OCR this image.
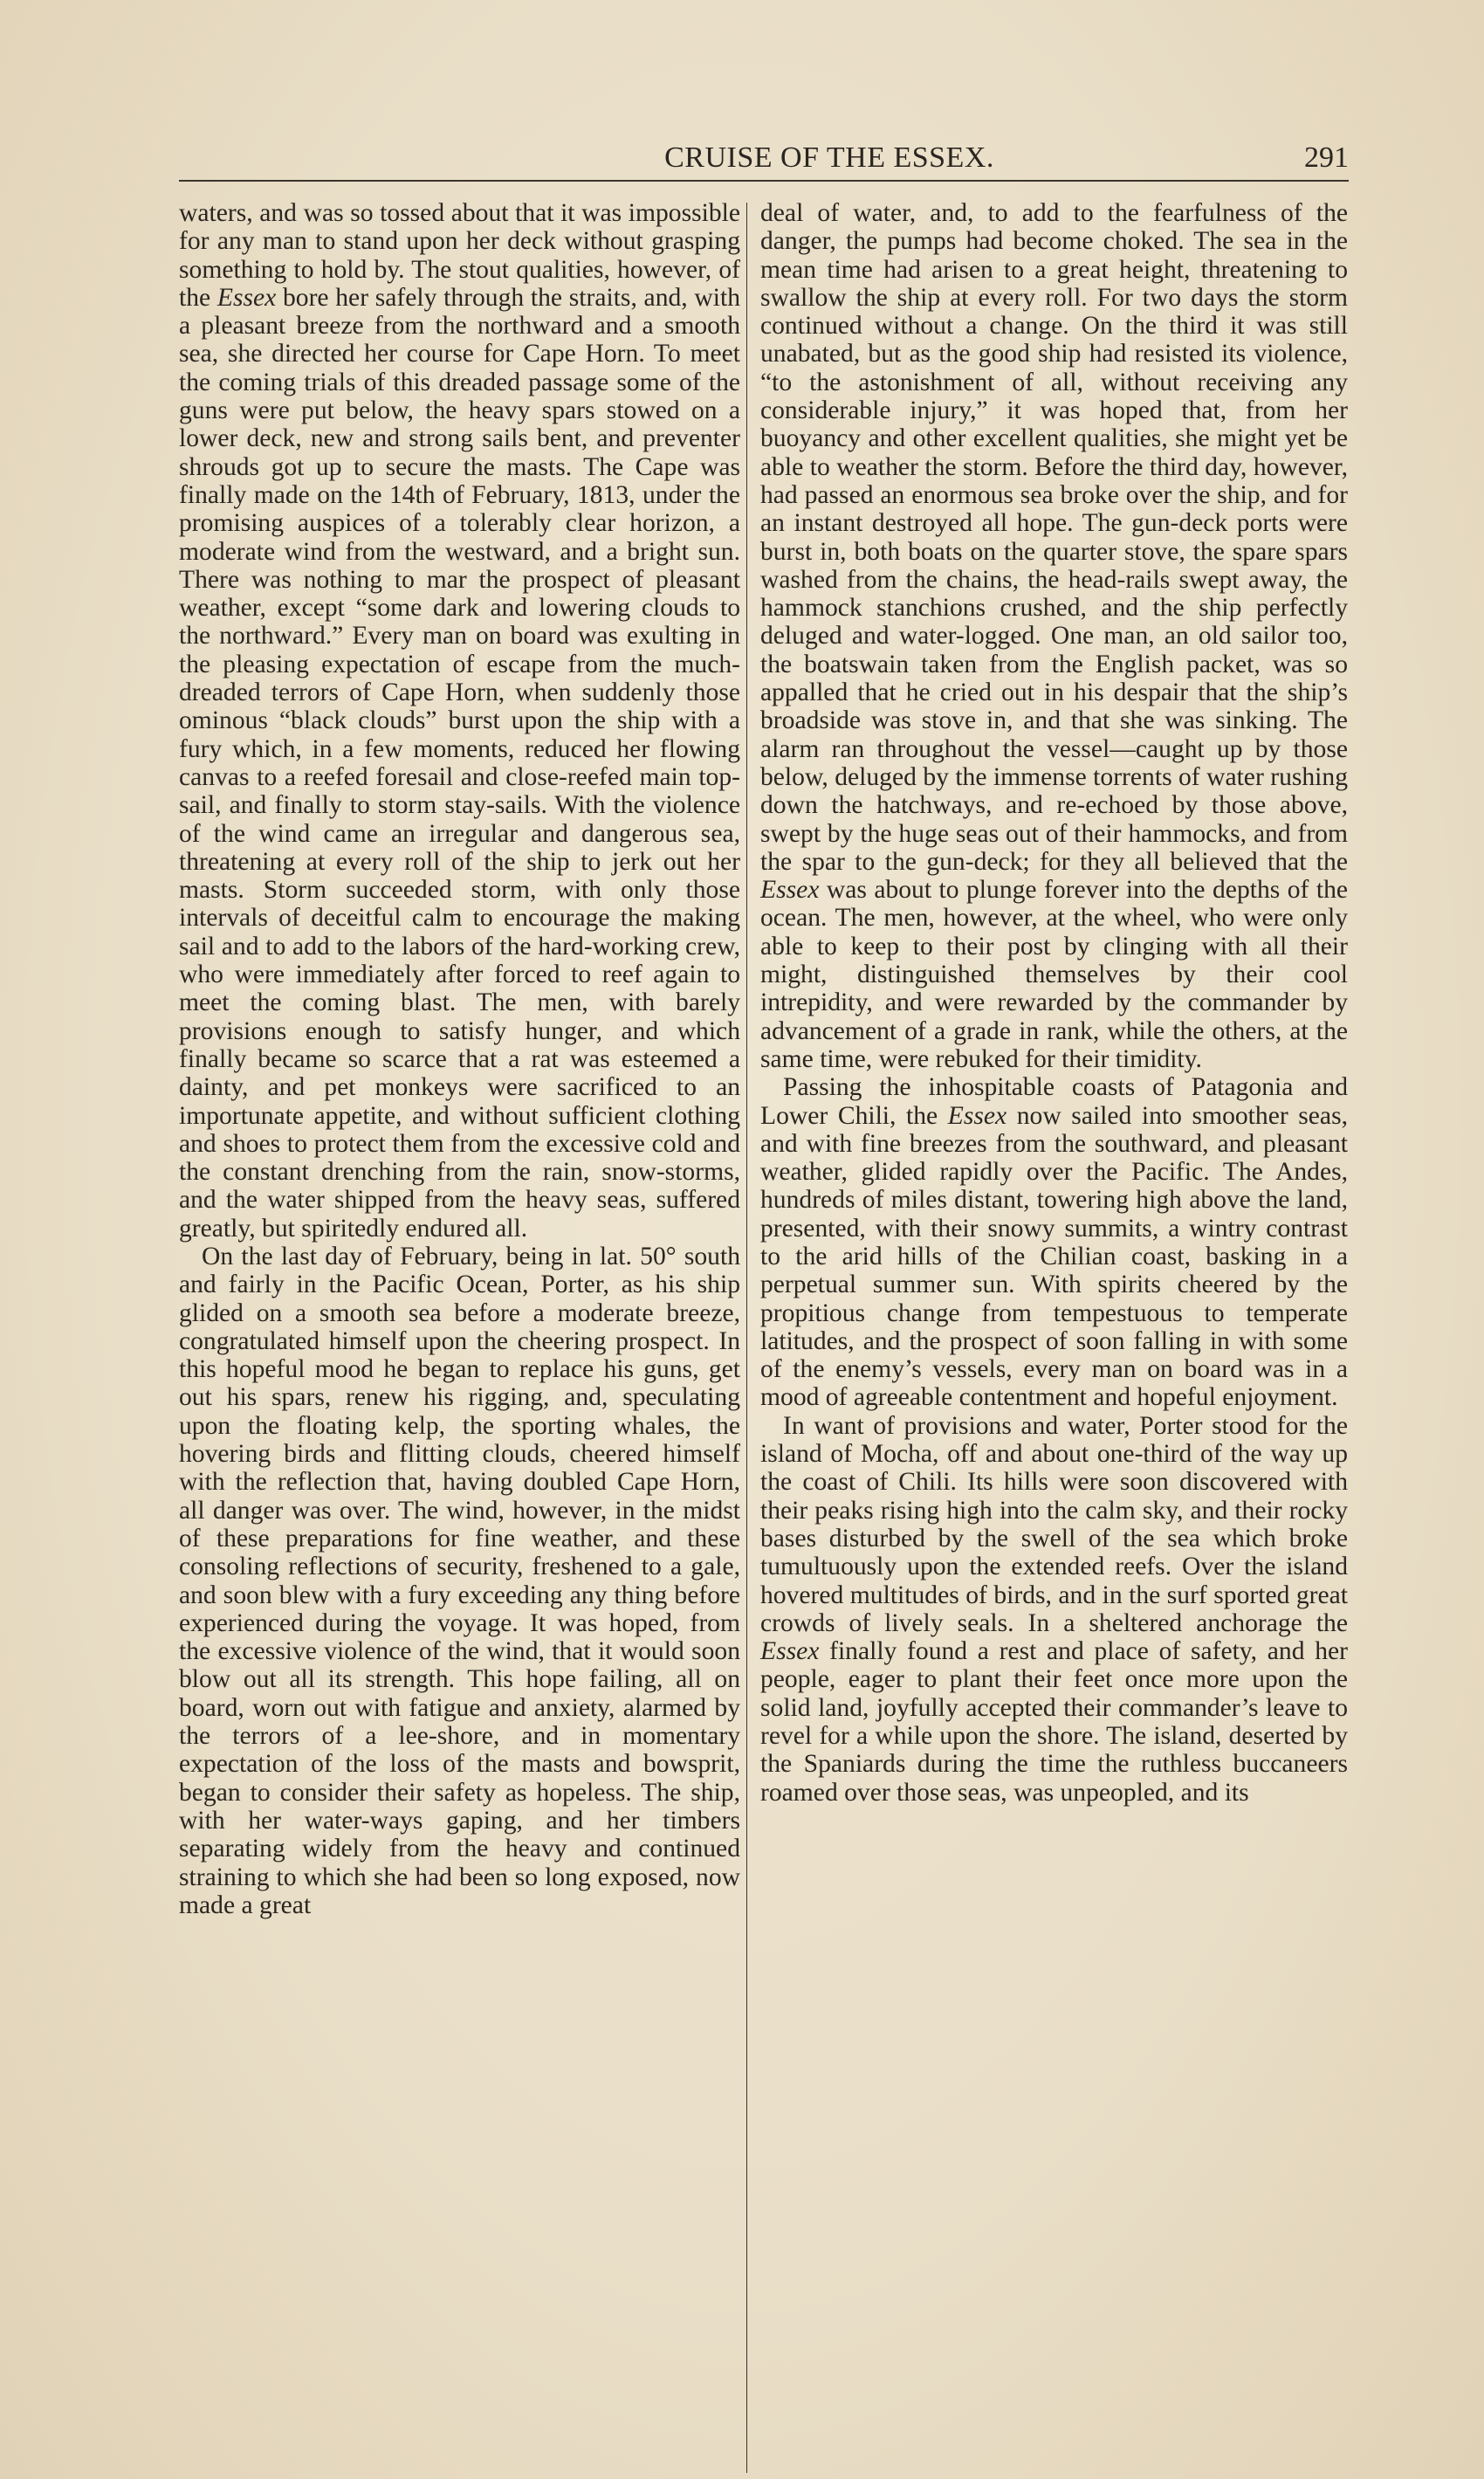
CRUISE OF THE ESSEX.	291

waters, and was so tossed about that it was impossible for any man to stand upon her deck without grasping something to hold by. The stout qualities, however, of the Essex bore her safely through the straits, and, with a pleasant breeze from the northward and a smooth sea, she directed her course for Cape Horn. To meet the coming trials of this dreaded passage some of the guns were put below, the heavy spars stowed on a lower deck, new and strong sails bent, and preventer shrouds got up to secure the masts. The Cape was finally made on the 14th of February, 1813, under the promising auspices of a tolerably clear horizon, a moderate wind from the westward, and a bright sun. There was nothing to mar the prospect of pleasant weather, except “some dark and lowering clouds to the northward.” Every man on board was exulting in the pleasing expectation of escape from the much-dreaded terrors of Cape Horn, when suddenly those ominous “black clouds” burst upon the ship with a fury which, in a few moments, reduced her flowing canvas to a reefed foresail and close-reefed main top-sail, and finally to storm stay-sails. With the violence of the wind came an irregular and dangerous sea, threatening at every roll of the ship to jerk out her masts. Storm succeeded storm, with only those intervals of deceitful calm to encourage the making sail and to add to the labors of the hard-working crew, who were immediately after forced to reef again to meet the coming blast. The men, with barely provisions enough to satisfy hunger, and which finally became so scarce that a rat was esteemed a dainty, and pet monkeys were sacrificed to an importunate appetite, and without sufficient clothing and shoes to protect them from the excessive cold and the constant drenching from the rain, snow-storms, and the water shipped from the heavy seas, suffered greatly, but spiritedly endured all.

On the last day of February, being in lat. 50° south and fairly in the Pacific Ocean, Porter, as his ship glided on a smooth sea before a moderate breeze, congratulated himself upon the cheering prospect. In this hopeful mood he began to replace his guns, get out his spars, renew his rigging, and, speculating upon the floating kelp, the sporting whales, the hovering birds and flitting clouds, cheered himself with the reflection that, having doubled Cape Horn, all danger was over. The wind, however, in the midst of these preparations for fine weather, and these consoling reflections of security, freshened to a gale, and soon blew with a fury exceeding any thing before experienced during the voyage. It was hoped, from the excessive violence of the wind, that it would soon blow out all its strength. This hope failing, all on board, worn out with fatigue and anxiety, alarmed by the terrors of a lee-shore, and in momentary expectation of the loss of the masts and bowsprit, began to consider their safety as hopeless. The ship, with her water-ways gaping, and her timbers separating widely from the heavy and continued straining to which she had been so long exposed, now made a great

deal of water, and, to add to the fearfulness of the danger, the pumps had become choked. The sea in the mean time had arisen to a great height, threatening to swallow the ship at every roll. For two days the storm continued without a change. On the third it was still unabated, but as the good ship had resisted its violence, “to the astonishment of all, without receiving any considerable injury,” it was hoped that, from her buoyancy and other excellent qualities, she might yet be able to weather the storm. Before the third day, however, had passed an enormous sea broke over the ship, and for an instant destroyed all hope. The gun-deck ports were burst in, both boats on the quarter stove, the spare spars washed from the chains, the head-rails swept away, the hammock stanchions crushed, and the ship perfectly deluged and water-logged. One man, an old sailor too, the boatswain taken from the English packet, was so appalled that he cried out in his despair that the ship’s broadside was stove in, and that she was sinking. The alarm ran throughout the vessel—caught up by those below, deluged by the immense torrents of water rushing down the hatchways, and re-echoed by those above, swept by the huge seas out of their hammocks, and from the spar to the gun-deck; for they all believed that the Essex was about to plunge forever into the depths of the ocean. The men, however, at the wheel, who were only able to keep to their post by clinging with all their might, distinguished themselves by their cool intrepidity, and were rewarded by the commander by advancement of a grade in rank, while the others, at the same time, were rebuked for their timidity.

Passing the inhospitable coasts of Patagonia and Lower Chili, the Essex now sailed into smoother seas, and with fine breezes from the southward, and pleasant weather, glided rapidly over the Pacific. The Andes, hundreds of miles distant, towering high above the land, presented, with their snowy summits, a wintry contrast to the arid hills of the Chilian coast, basking in a perpetual summer sun. With spirits cheered by the propitious change from tempestuous to temperate latitudes, and the prospect of soon falling in with some of the enemy’s vessels, every man on board was in a mood of agreeable contentment and hopeful enjoyment.

In want of provisions and water, Porter stood for the island of Mocha, off and about one-third of the way up the coast of Chili. Its hills were soon discovered with their peaks rising high into the calm sky, and their rocky bases disturbed by the swell of the sea which broke tumultuously upon the extended reefs. Over the island hovered multitudes of birds, and in the surf sported great crowds of lively seals. In a sheltered anchorage the Essex finally found a rest and place of safety, and her people, eager to plant their feet once more upon the solid land, joyfully accepted their commander’s leave to revel for a while upon the shore. The island, deserted by the Spaniards during the time the ruthless buccaneers roamed over those seas, was unpeopled, and its
